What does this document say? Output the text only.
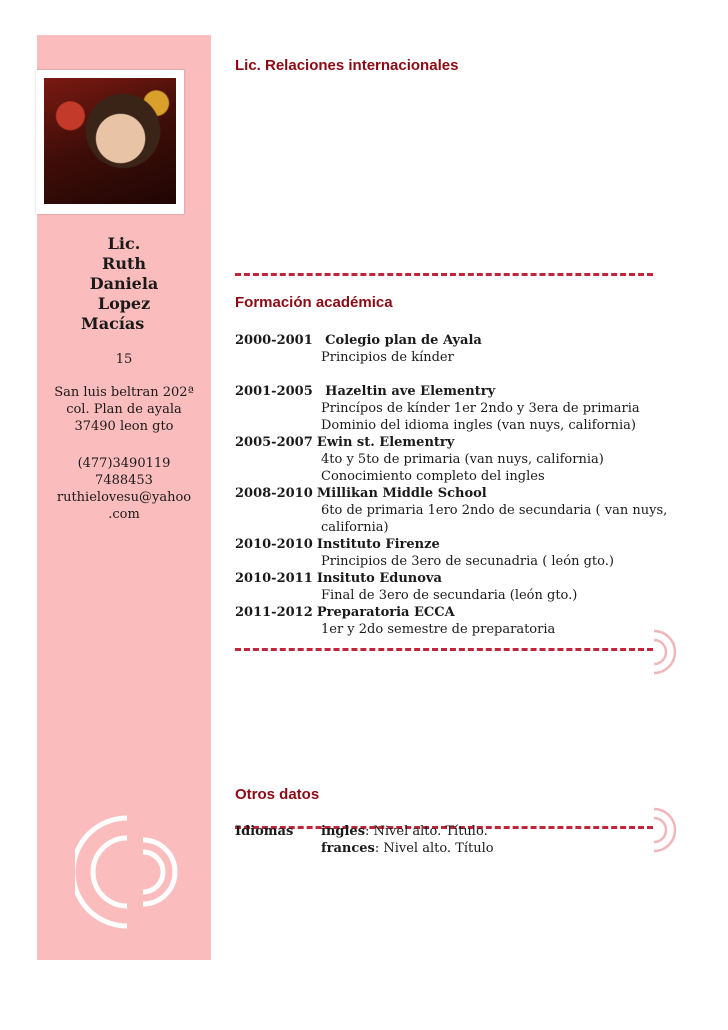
Lic.
Ruth
Daniela
Lopez
Macías
15
San luis beltran 202ª
col. Plan de ayala
37490 leon gto
(477)3490119
7488453
ruthielovesu@yahoo
.com
Lic. Relaciones internacionales
Formación académica
2000-2001 Colegio plan de Ayala
Principios de kínder
2001-2005 Hazeltin ave Elementry
Princípos de kínder 1er 2ndo y 3era de primaria
Dominio del idioma ingles (van nuys, california)
2005-2007 Ewin st. Elementry
4to y 5to de primaria (van nuys, california)
Conocimiento completo del ingles
2008-2010 Millikan Middle School
6to de primaria 1ero 2ndo de secundaria ( van nuys,
california)
2010-2010 Instituto Firenze
Principios de 3ero de secunadria ( león gto.)
2010-2011 Insituto Edunova
Final de 3ero de secundaria (león gto.)
2011-2012 Preparatoria ECCA
1er y 2do semestre de preparatoria
Otros datos
Idiomas	ingles: Nivel alto. Título.
frances: Nivel alto. Título
